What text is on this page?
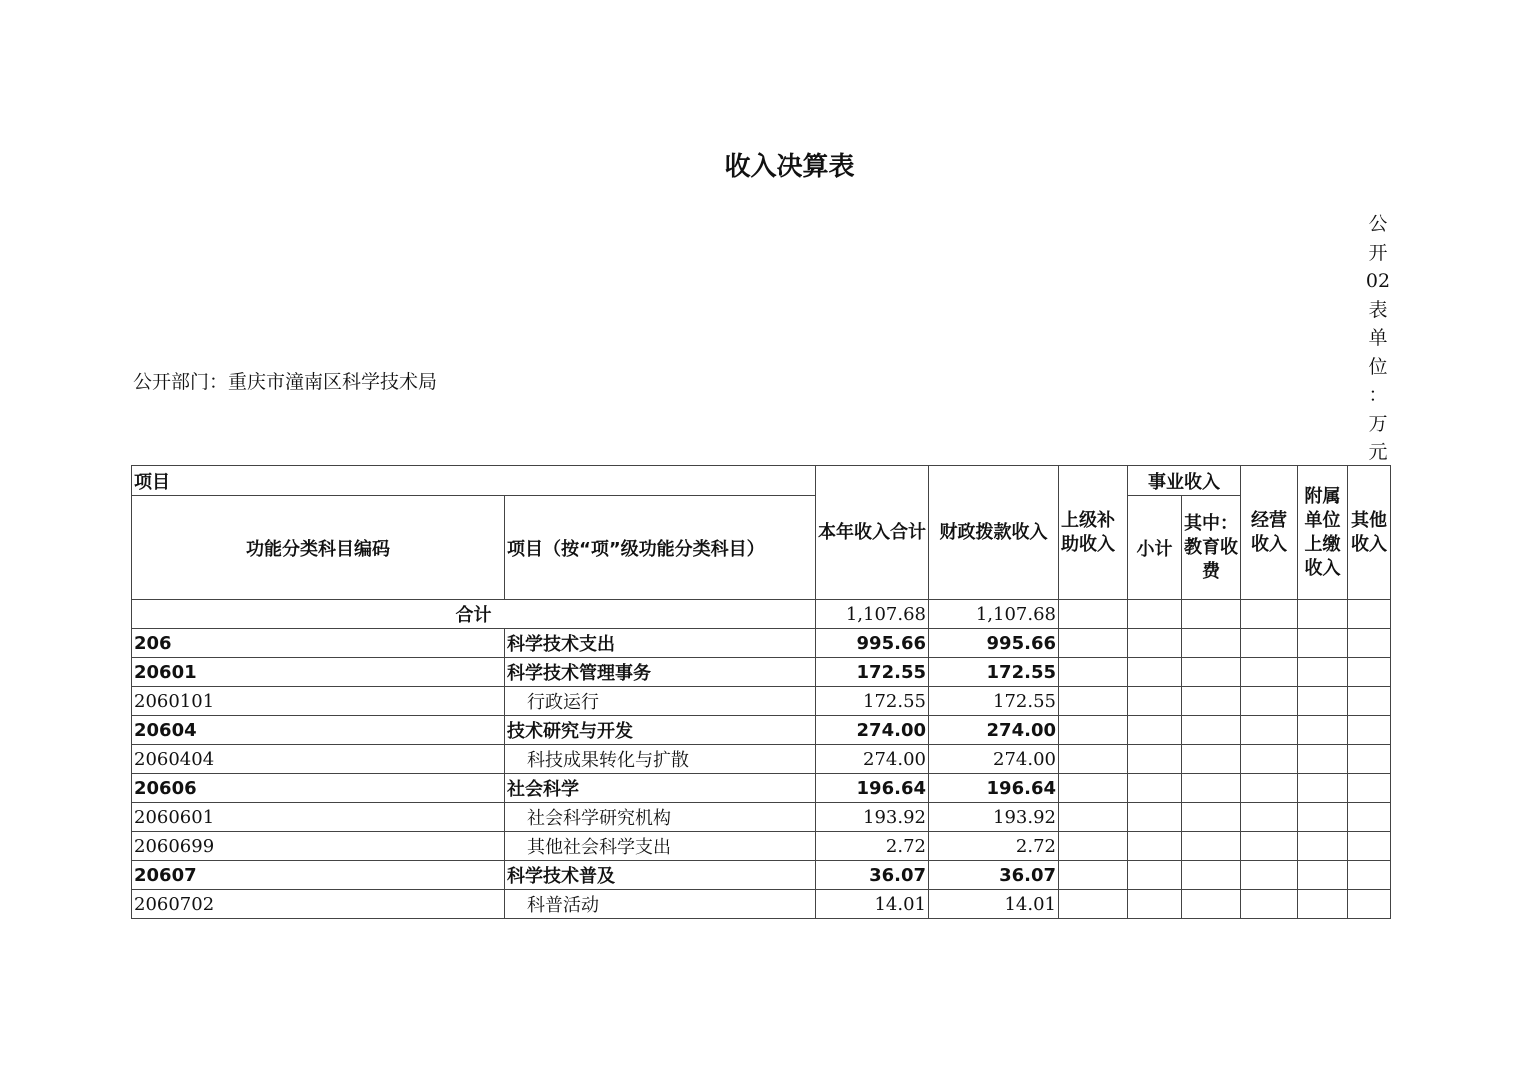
收入决算表
公
开
02
表
单
位
：
万
元
公开部门：重庆市潼南区科学技术局
项目		本年收入合计	财政拨款收入	上级补助收入	事业收入		经营收入	附属单位上缴收入	其他收入
功能分类科目编码	项目（按“项”级功能分类科目）				小计	其中：教育收费			
合计		1,107.68	1,107.68						
206	科学技术支出	995.66	995.66						
20601	科学技术管理事务	172.55	172.55						
2060101	行政运行	172.55	172.55						
20604	技术研究与开发	274.00	274.00						
2060404	科技成果转化与扩散	274.00	274.00						
20606	社会科学	196.64	196.64						
2060601	社会科学研究机构	193.92	193.92						
2060699	其他社会科学支出	2.72	2.72						
20607	科学技术普及	36.07	36.07						
2060702	科普活动	14.01	14.01						
